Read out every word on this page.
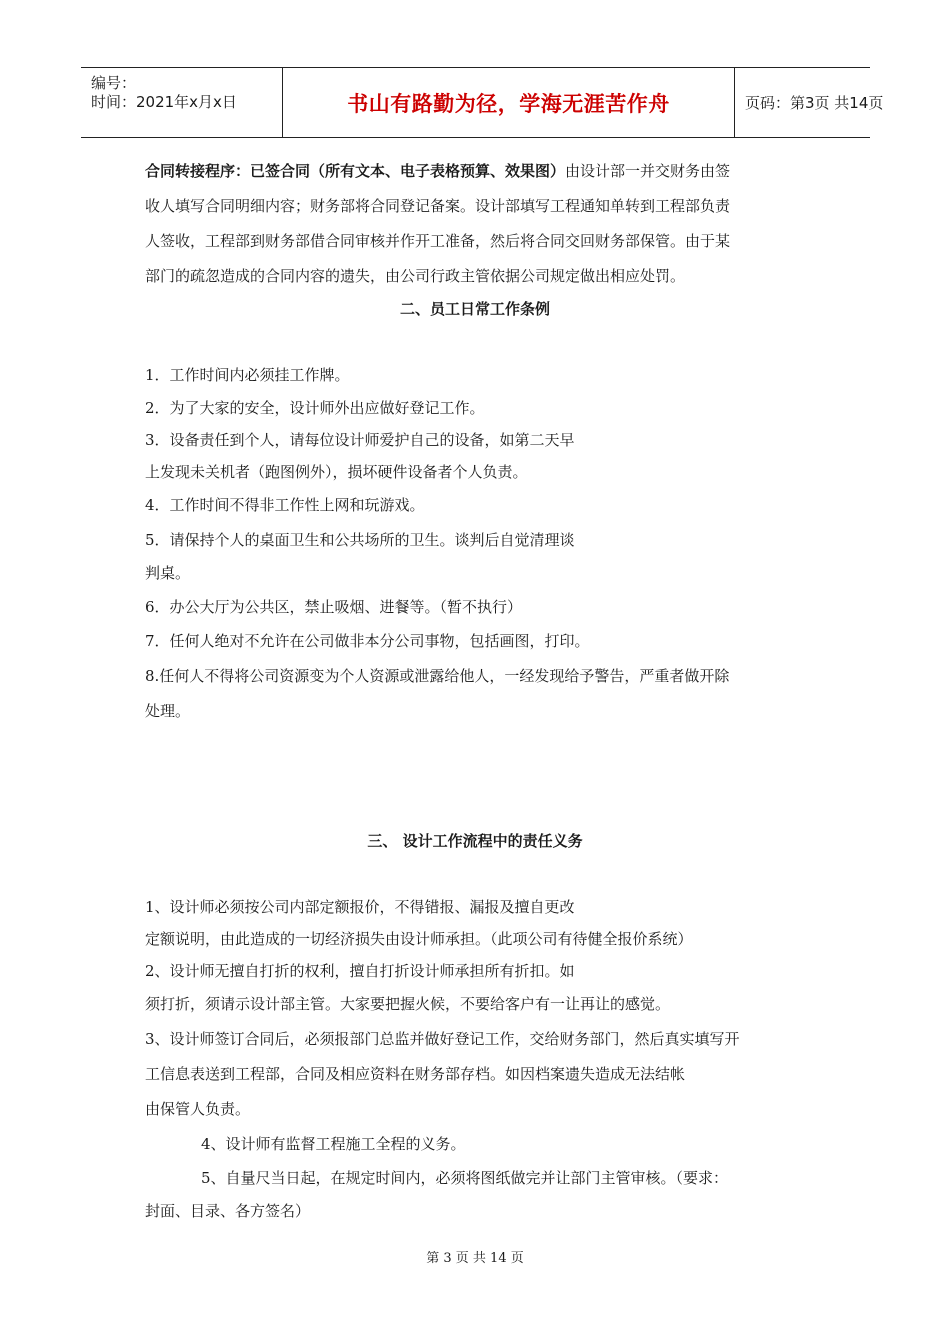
编号：
时间：2021年x月x日	书山有路勤为径，学海无涯苦作舟	页码：第3页 共14页
合同转接程序：已签合同（所有文本、电子表格预算、效果图）由设计部一并交财务由签
收人填写合同明细内容；财务部将合同登记备案。设计部填写工程通知单转到工程部负责
人签收，工程部到财务部借合同审核并作开工准备，然后将合同交回财务部保管。由于某
部门的疏忽造成的合同内容的遗失，由公司行政主管依据公司规定做出相应处罚。
二、员工日常工作条例
1．工作时间内必须挂工作牌。
2．为了大家的安全，设计师外出应做好登记工作。
3．设备责任到个人，请每位设计师爱护自己的设备，如第二天早
上发现未关机者（跑图例外），损坏硬件设备者个人负责。
4．工作时间不得非工作性上网和玩游戏。
5．请保持个人的桌面卫生和公共场所的卫生。谈判后自觉清理谈
判桌。
6．办公大厅为公共区，禁止吸烟、进餐等。（暂不执行）
7．任何人绝对不允许在公司做非本分公司事物，包括画图，打印。
8.任何人不得将公司资源变为个人资源或泄露给他人，一经发现给予警告，严重者做开除
处理。
三、 设计工作流程中的责任义务
1、设计师必须按公司内部定额报价，不得错报、漏报及擅自更改
定额说明，由此造成的一切经济损失由设计师承担。（此项公司有待健全报价系统）
2、设计师无擅自打折的权利，擅自打折设计师承担所有折扣。如
须打折，须请示设计部主管。大家要把握火候，不要给客户有一让再让的感觉。
3、设计师签订合同后，必须报部门总监并做好登记工作，交给财务部门，然后真实填写开
工信息表送到工程部，合同及相应资料在财务部存档。如因档案遗失造成无法结帐
由保管人负责。
4、设计师有监督工程施工全程的义务。
5、自量尺当日起，在规定时间内，必须将图纸做完并让部门主管审核。（要求：
封面、目录、各方签名）
第 3 页 共 14 页
